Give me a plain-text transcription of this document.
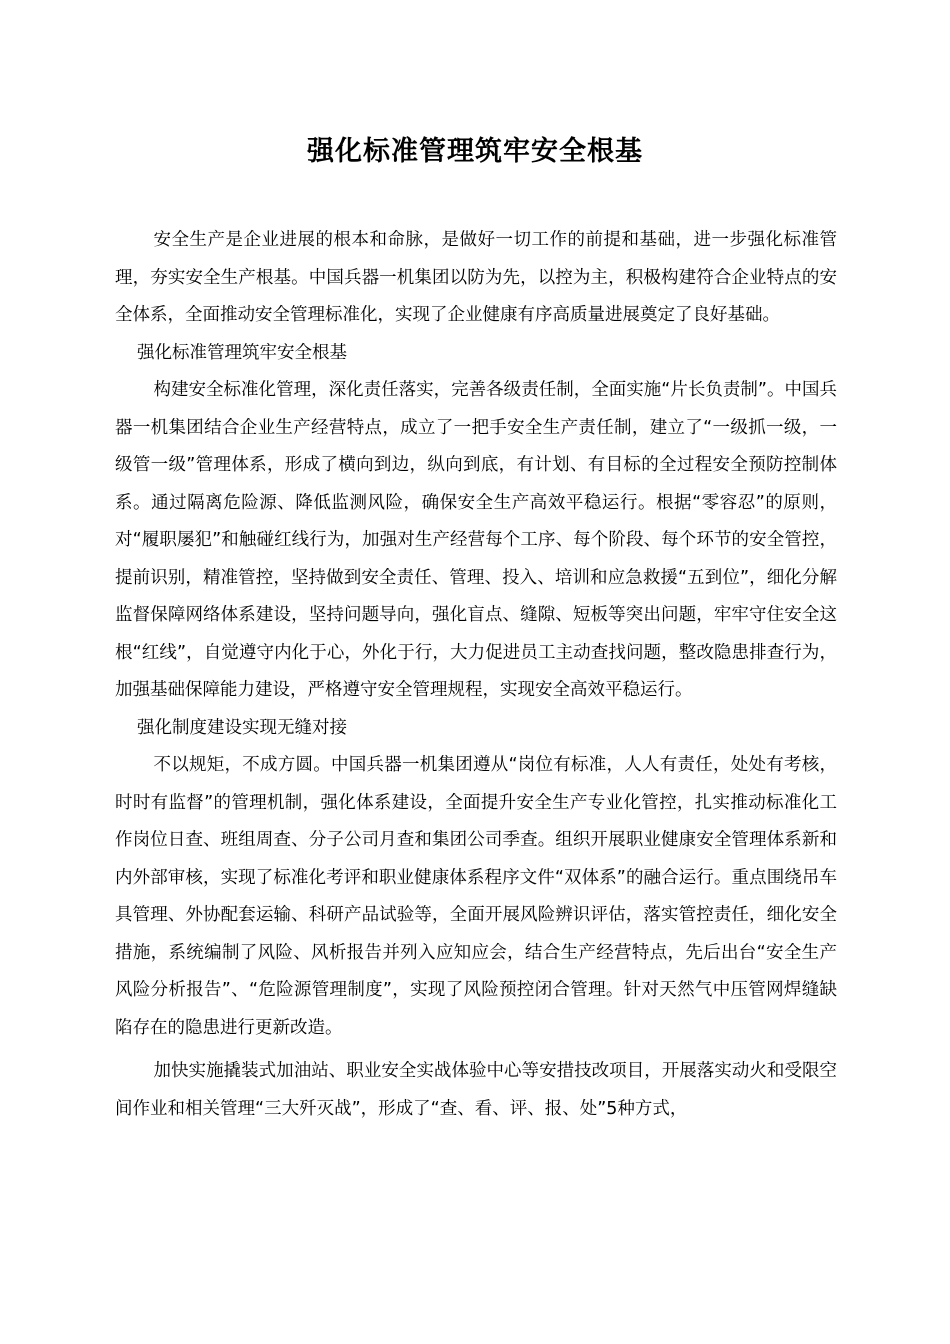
强化标准管理筑牢安全根基

安全生产是企业进展的根本和命脉，是做好一切工作的前提和基础，进一步强化标准管理，夯实安全生产根基。中国兵器一机集团以防为先，以控为主，积极构建符合企业特点的安全体系，全面推动安全管理标准化，实现了企业健康有序高质量进展奠定了良好基础。

强化标准管理筑牢安全根基

构建安全标准化管理，深化责任落实，完善各级责任制，全面实施“片长负责制”。中国兵器一机集团结合企业生产经营特点，成立了一把手安全生产责任制，建立了“一级抓一级，一级管一级”管理体系，形成了横向到边，纵向到底，有计划、有目标的全过程安全预防控制体系。通过隔离危险源、降低监测风险，确保安全生产高效平稳运行。根据“零容忍”的原则，对“履职屡犯”和触碰红线行为，加强对生产经营每个工序、每个阶段、每个环节的安全管控，提前识别，精准管控，坚持做到安全责任、管理、投入、培训和应急救援“五到位”，细化分解监督保障网络体系建设，坚持问题导向，强化盲点、缝隙、短板等突出问题，牢牢守住安全这根“红线”，自觉遵守内化于心，外化于行，大力促进员工主动查找问题，整改隐患排查行为，加强基础保障能力建设，严格遵守安全管理规程，实现安全高效平稳运行。

强化制度建设实现无缝对接

不以规矩，不成方圆。中国兵器一机集团遵从“岗位有标准，人人有责任，处处有考核，时时有监督”的管理机制，强化体系建设，全面提升安全生产专业化管控，扎实推动标准化工作岗位日查、班组周查、分子公司月查和集团公司季查。组织开展职业健康安全管理体系新和内外部审核，实现了标准化考评和职业健康体系程序文件“双体系”的融合运行。重点围绕吊车具管理、外协配套运输、科研产品试验等，全面开展风险辨识评估，落实管控责任，细化安全措施，系统编制了风险、风析报告并列入应知应会，结合生产经营特点，先后出台“安全生产风险分析报告”、“危险源管理制度”，实现了风险预控闭合管理。针对天然气中压管网焊缝缺陷存在的隐患进行更新改造。

加快实施撬装式加油站、职业安全实战体验中心等安措技改项目，开展落实动火和受限空间作业和相关管理“三大歼灭战”，形成了“查、看、评、报、处”5种方式，
